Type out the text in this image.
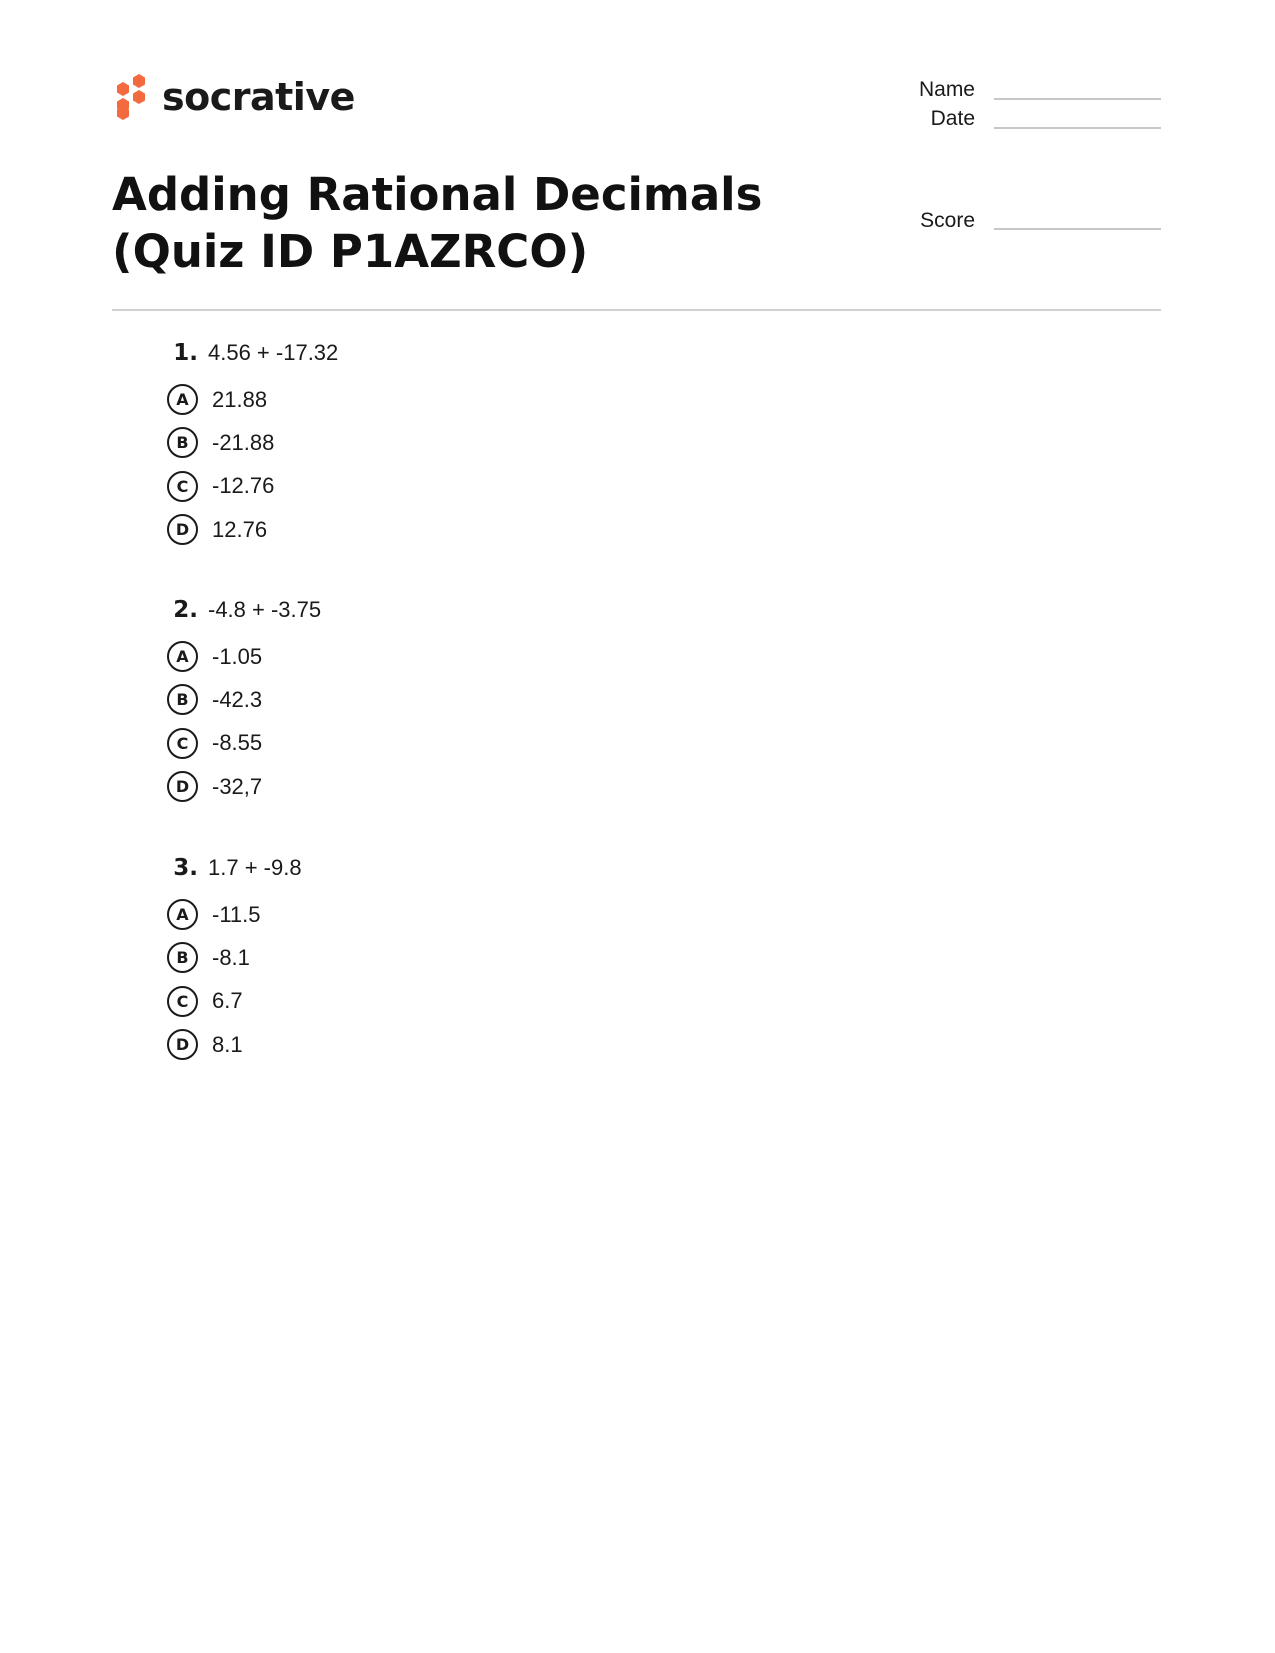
socrative	Name
Date
Score
Adding Rational Decimals (Quiz ID P1AZRCO)
1. 4.56 + -17.32
A	21.88
B	-21.88
C	-12.76
D	12.76
2. -4.8 + -3.75
A	-1.05
B	-42.3
C	-8.55
D	-32,7
3. 1.7 + -9.8
A	-11.5
B	-8.1
C	6.7
D	8.1
